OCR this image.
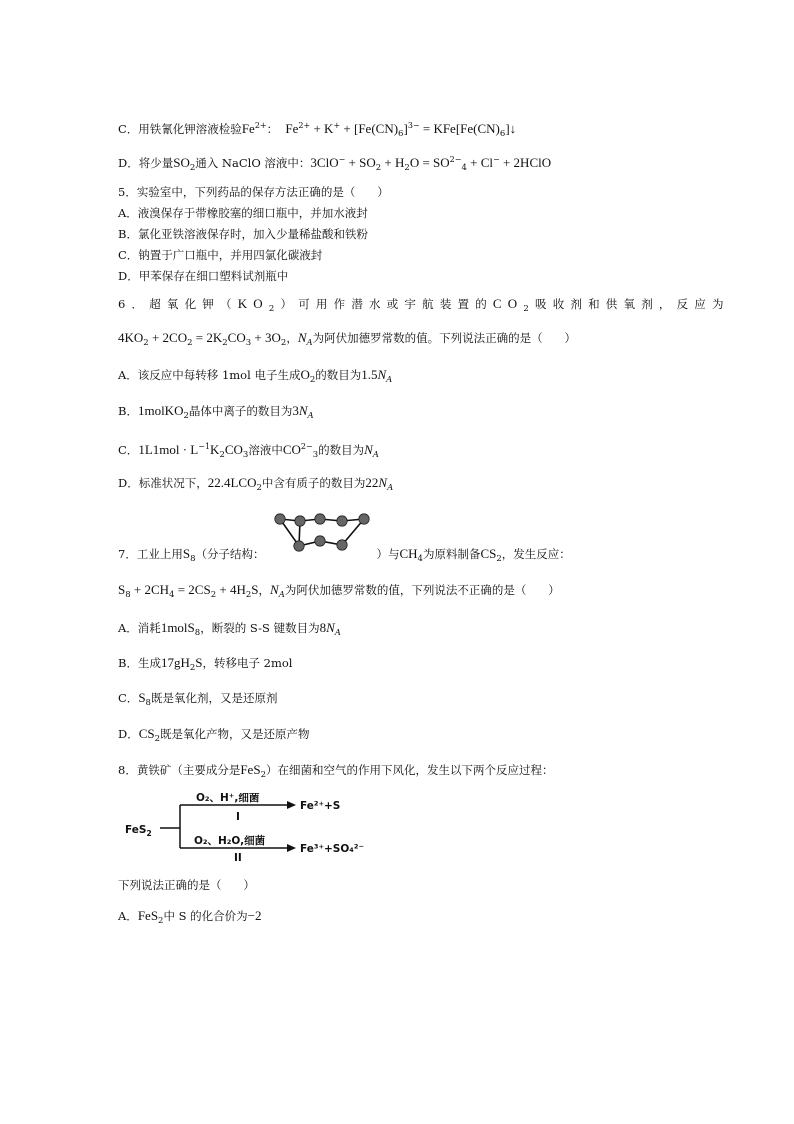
C．用铁氰化钾溶液检验$Fe^{2+}$：  $Fe^{2+} + K^+ + [Fe(CN)_6]^{3-}$ = $KFe[Fe(CN)_6]↓$
D．将少量$SO_2$通入 NaClO 溶液中：$3ClO^- + SO_2 + H_2O = SO^{2-}_4 + Cl^-$ + 2HClO
5．实验室中，下列药品的保存方法正确的是（      ）
A．液溴保存于带橡胶塞的细口瓶中，并加水液封
B．氯化亚铁溶液保存时，加入少量稀盐酸和铁粉
C．钠置于广口瓶中，并用四氯化碳液封
D．甲苯保存在细口塑料试剂瓶中
6．超氧化钾$(KO_2)$可用作潜水或宇航装置的$CO_2$吸收剂和供氧剂，反应为
$4KO_2 + 2CO_2 = 2K_2CO_3 + 3O_2$，$N_A$为阿伏加德罗常数的值。下列说法正确的是（      ）
A．该反应中每转移 1mol 电子生成$O_2$的数目为$1.5N_A$
B．1molKO$_2$晶体中离子的数目为$3N_A$
C．$1L1mol \cdot L^{-1}K_2CO_3$溶液中$CO^{2-}_3$的数目为$N_A$
D．标准状况下，$22.4LCO_2$中含有质子的数目为$22N_A$
7．工业上用$S_8$（分子结构：	）与$CH_4$为原料制备$CS_2$，发生反应：
$S_8 + 2CH_4 = 2CS_2 + 4H_2S$，$N_A$为阿伏加德罗常数的值，下列说法不正确的是（      ）
A．消耗1molS$_8$，断裂的 S-S 键数目为$8N_A$
B．生成$17gH_2S$，转移电子 2mol
C．$S_8$既是氧化剂，又是还原剂
D．$CS_2$既是氧化产物，又是还原产物
8．黄铁矿（主要成分是FeS$_2$）在细菌和空气的作用下风化，发生以下两个反应过程：
FeS$_2$
O₂、H⁺,细菌
I
Fe²⁺+S
O₂、H₂O,细菌
II
Fe³⁺+SO₄²⁻
下列说法正确的是（      ）
A．FeS$_2$中 S 的化合价为−2
